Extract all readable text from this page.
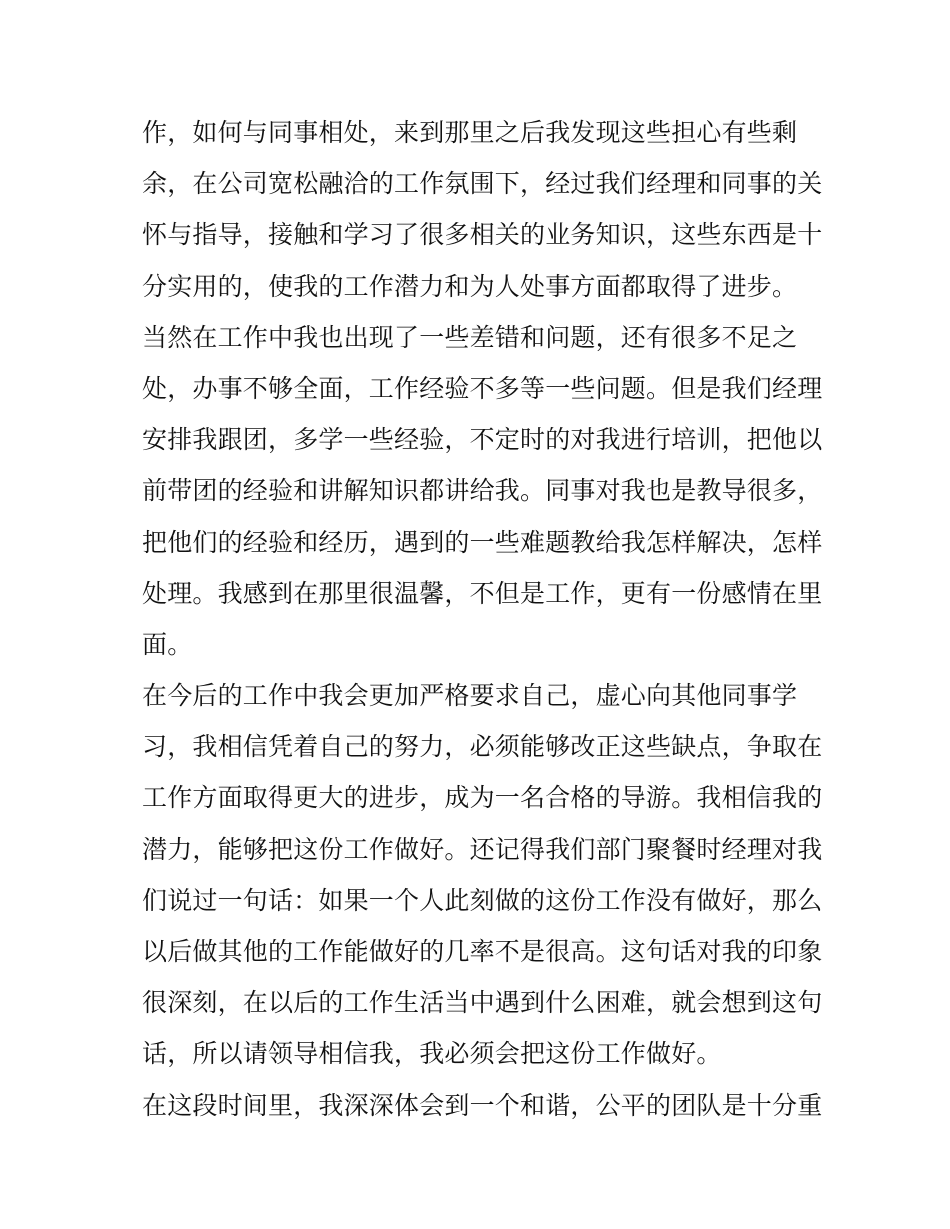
作，如何与同事相处，来到那里之后我发现这些担心有些剩
余，在公司宽松融洽的工作氛围下，经过我们经理和同事的关
怀与指导，接触和学习了很多相关的业务知识，这些东西是十
分实用的，使我的工作潜力和为人处事方面都取得了进步。
当然在工作中我也出现了一些差错和问题，还有很多不足之
处，办事不够全面，工作经验不多等一些问题。但是我们经理
安排我跟团，多学一些经验，不定时的对我进行培训，把他以
前带团的经验和讲解知识都讲给我。同事对我也是教导很多，
把他们的经验和经历，遇到的一些难题教给我怎样解决，怎样
处理。我感到在那里很温馨，不但是工作，更有一份感情在里
面。
在今后的工作中我会更加严格要求自己，虚心向其他同事学
习，我相信凭着自己的努力，必须能够改正这些缺点，争取在
工作方面取得更大的进步，成为一名合格的导游。我相信我的
潜力，能够把这份工作做好。还记得我们部门聚餐时经理对我
们说过一句话：如果一个人此刻做的这份工作没有做好，那么
以后做其他的工作能做好的几率不是很高。这句话对我的印象
很深刻，在以后的工作生活当中遇到什么困难，就会想到这句
话，所以请领导相信我，我必须会把这份工作做好。
在这段时间里，我深深体会到一个和谐，公平的团队是十分重
